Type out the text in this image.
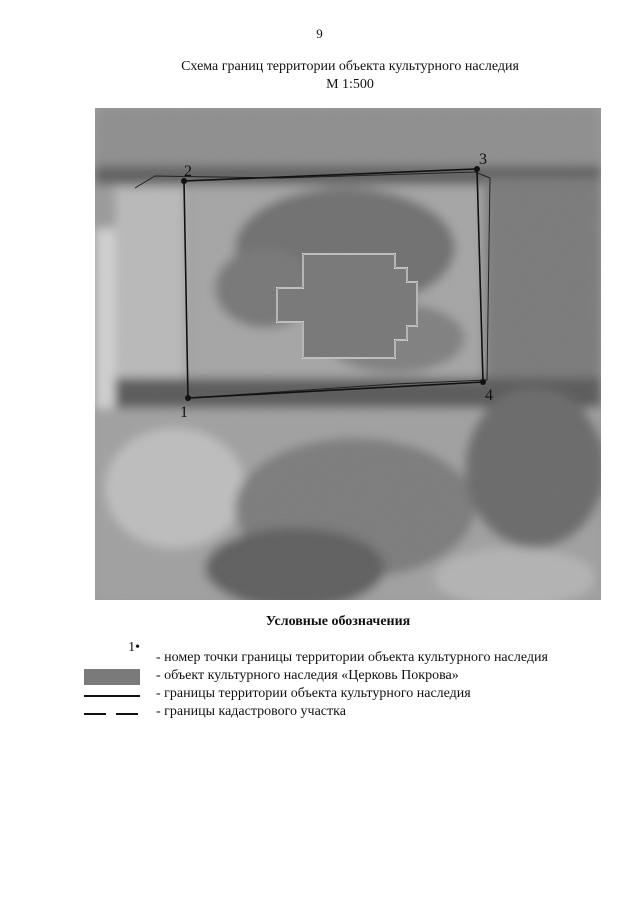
9
Схема границ территории объекта культурного наследия
М 1:500
1
2
3
4
Условные обозначения
1•
- номер точки границы территории объекта культурного наследия
- объект культурного наследия «Церковь Покрова»
- границы территории объекта культурного наследия
- границы кадастрового участка
